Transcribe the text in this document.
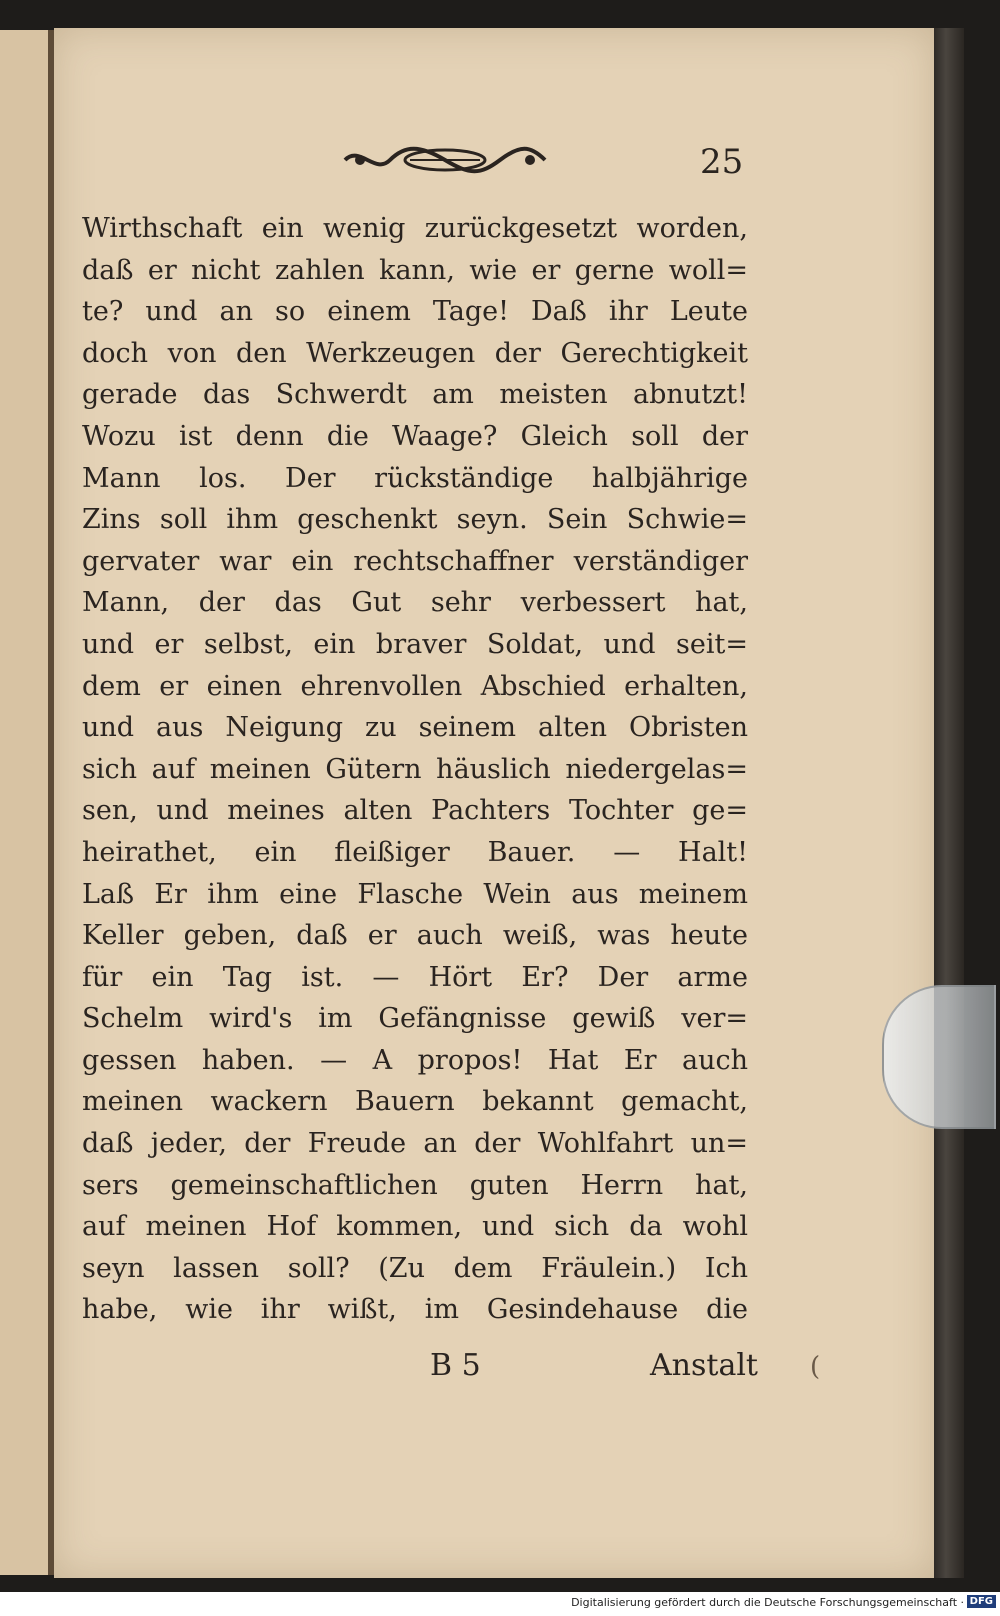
25
Wirthschaft ein wenig zurückgesetzt worden,
daß er nicht zahlen kann, wie er gerne woll=
te? und an so einem Tage! Daß ihr Leute
doch von den Werkzeugen der Gerechtigkeit
gerade das Schwerdt am meisten abnutzt!
Wozu ist denn die Waage? Gleich soll der
Mann los. Der rückständige halbjährige
Zins soll ihm geschenkt seyn. Sein Schwie=
gervater war ein rechtschaffner verständiger
Mann, der das Gut sehr verbessert hat,
und er selbst, ein braver Soldat, und seit=
dem er einen ehrenvollen Abschied erhalten,
und aus Neigung zu seinem alten Obristen
sich auf meinen Gütern häuslich niedergelas=
sen, und meines alten Pachters Tochter ge=
heirathet, ein fleißiger Bauer. — Halt!
Laß Er ihm eine Flasche Wein aus meinem
Keller geben, daß er auch weiß, was heute
für ein Tag ist. — Hört Er? Der arme
Schelm wird's im Gefängnisse gewiß ver=
gessen haben. — A propos! Hat Er auch
meinen wackern Bauern bekannt gemacht,
daß jeder, der Freude an der Wohlfahrt un=
sers gemeinschaftlichen guten Herrn hat,
auf meinen Hof kommen, und sich da wohl
seyn lassen soll? (Zu dem Fräulein.) Ich
habe, wie ihr wißt, im Gesindehause die
B 5	Anstalt (
Digitalisierung gefördert durch die Deutsche Forschungsgemeinschaft · DFG
